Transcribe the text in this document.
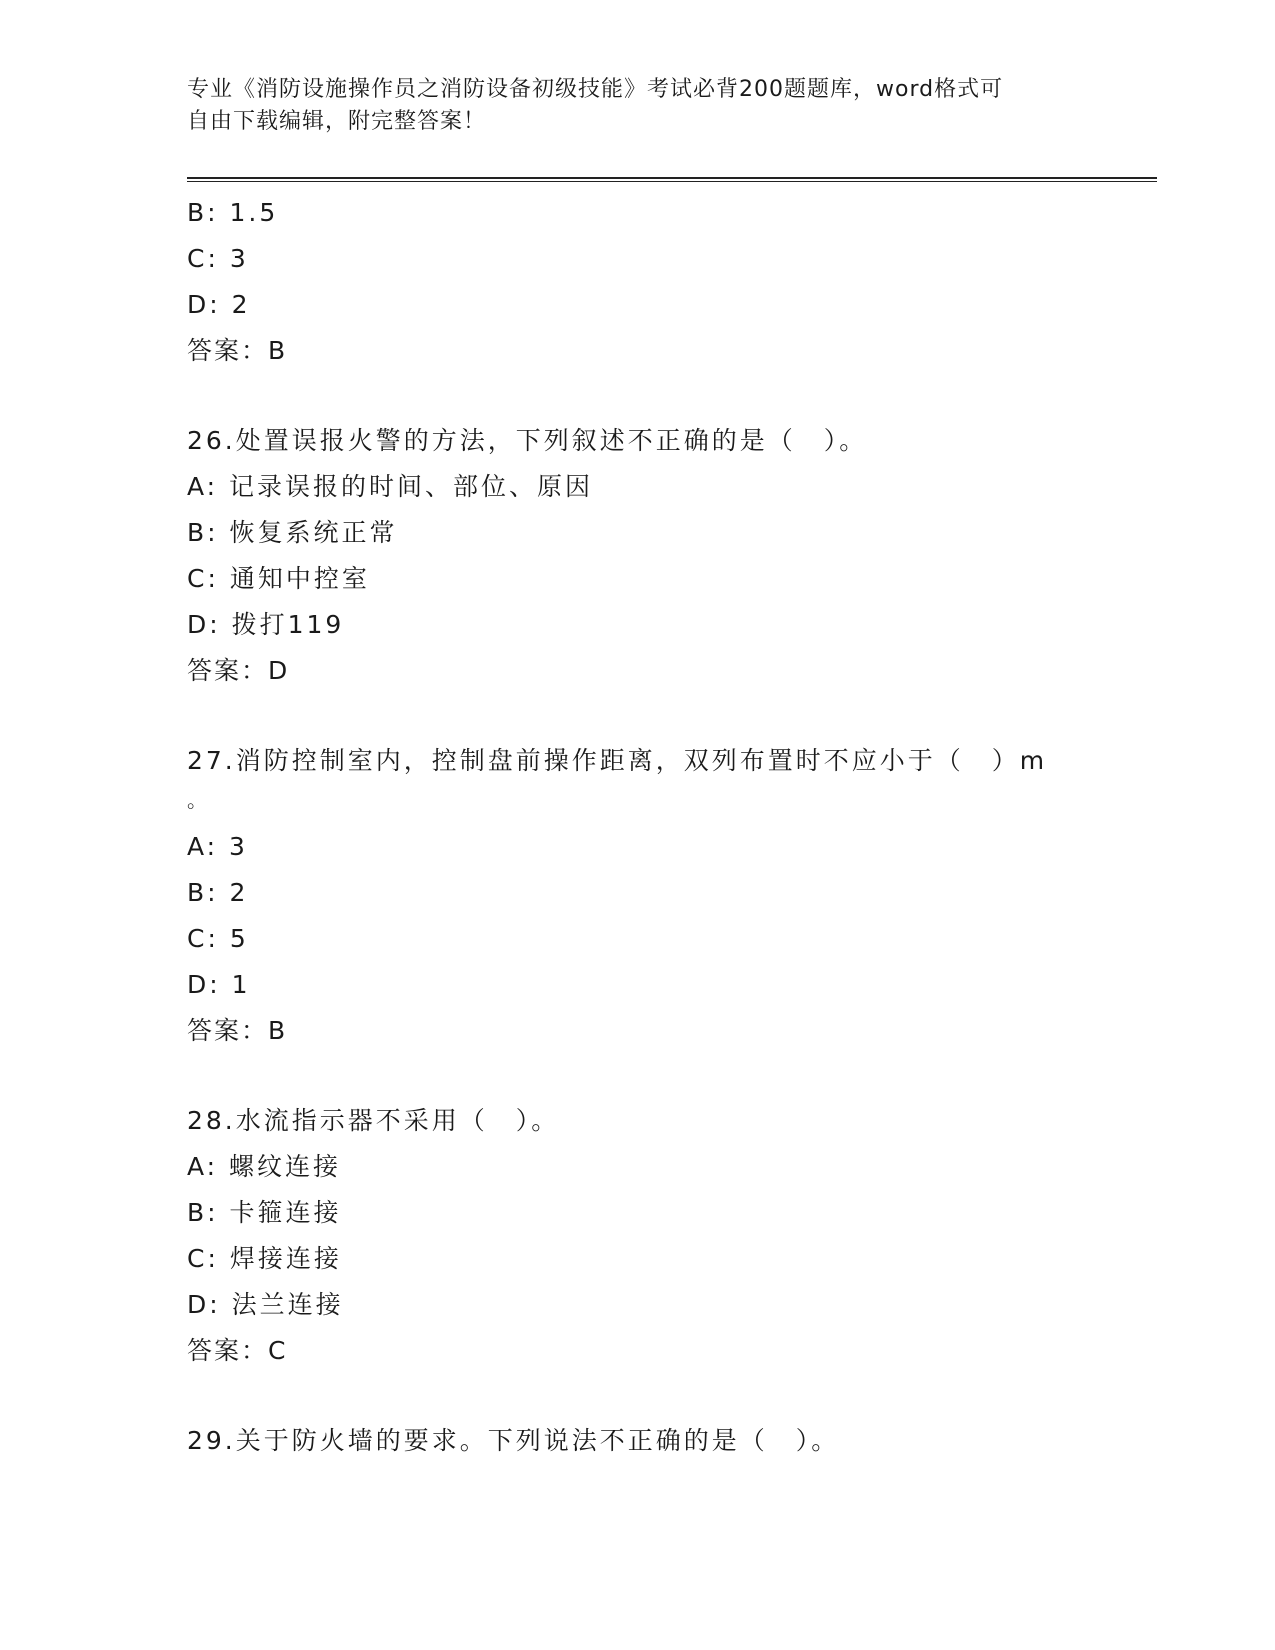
专业《消防设施操作员之消防设备初级技能》考试必背200题题库，word格式可
自由下载编辑，附完整答案！
B: 1.5
C: 3
D: 2
答案：B
26.处置误报火警的方法，下列叙述不正确的是（　）。
A: 记录误报的时间、部位、原因
B: 恢复系统正常
C: 通知中控室
D: 拨打119
答案：D
27.消防控制室内，控制盘前操作距离，双列布置时不应小于（　）m
。
A: 3
B: 2
C: 5
D: 1
答案：B
28.水流指示器不采用（　）。
A: 螺纹连接
B: 卡箍连接
C: 焊接连接
D: 法兰连接
答案：C
29.关于防火墙的要求。下列说法不正确的是（　）。
